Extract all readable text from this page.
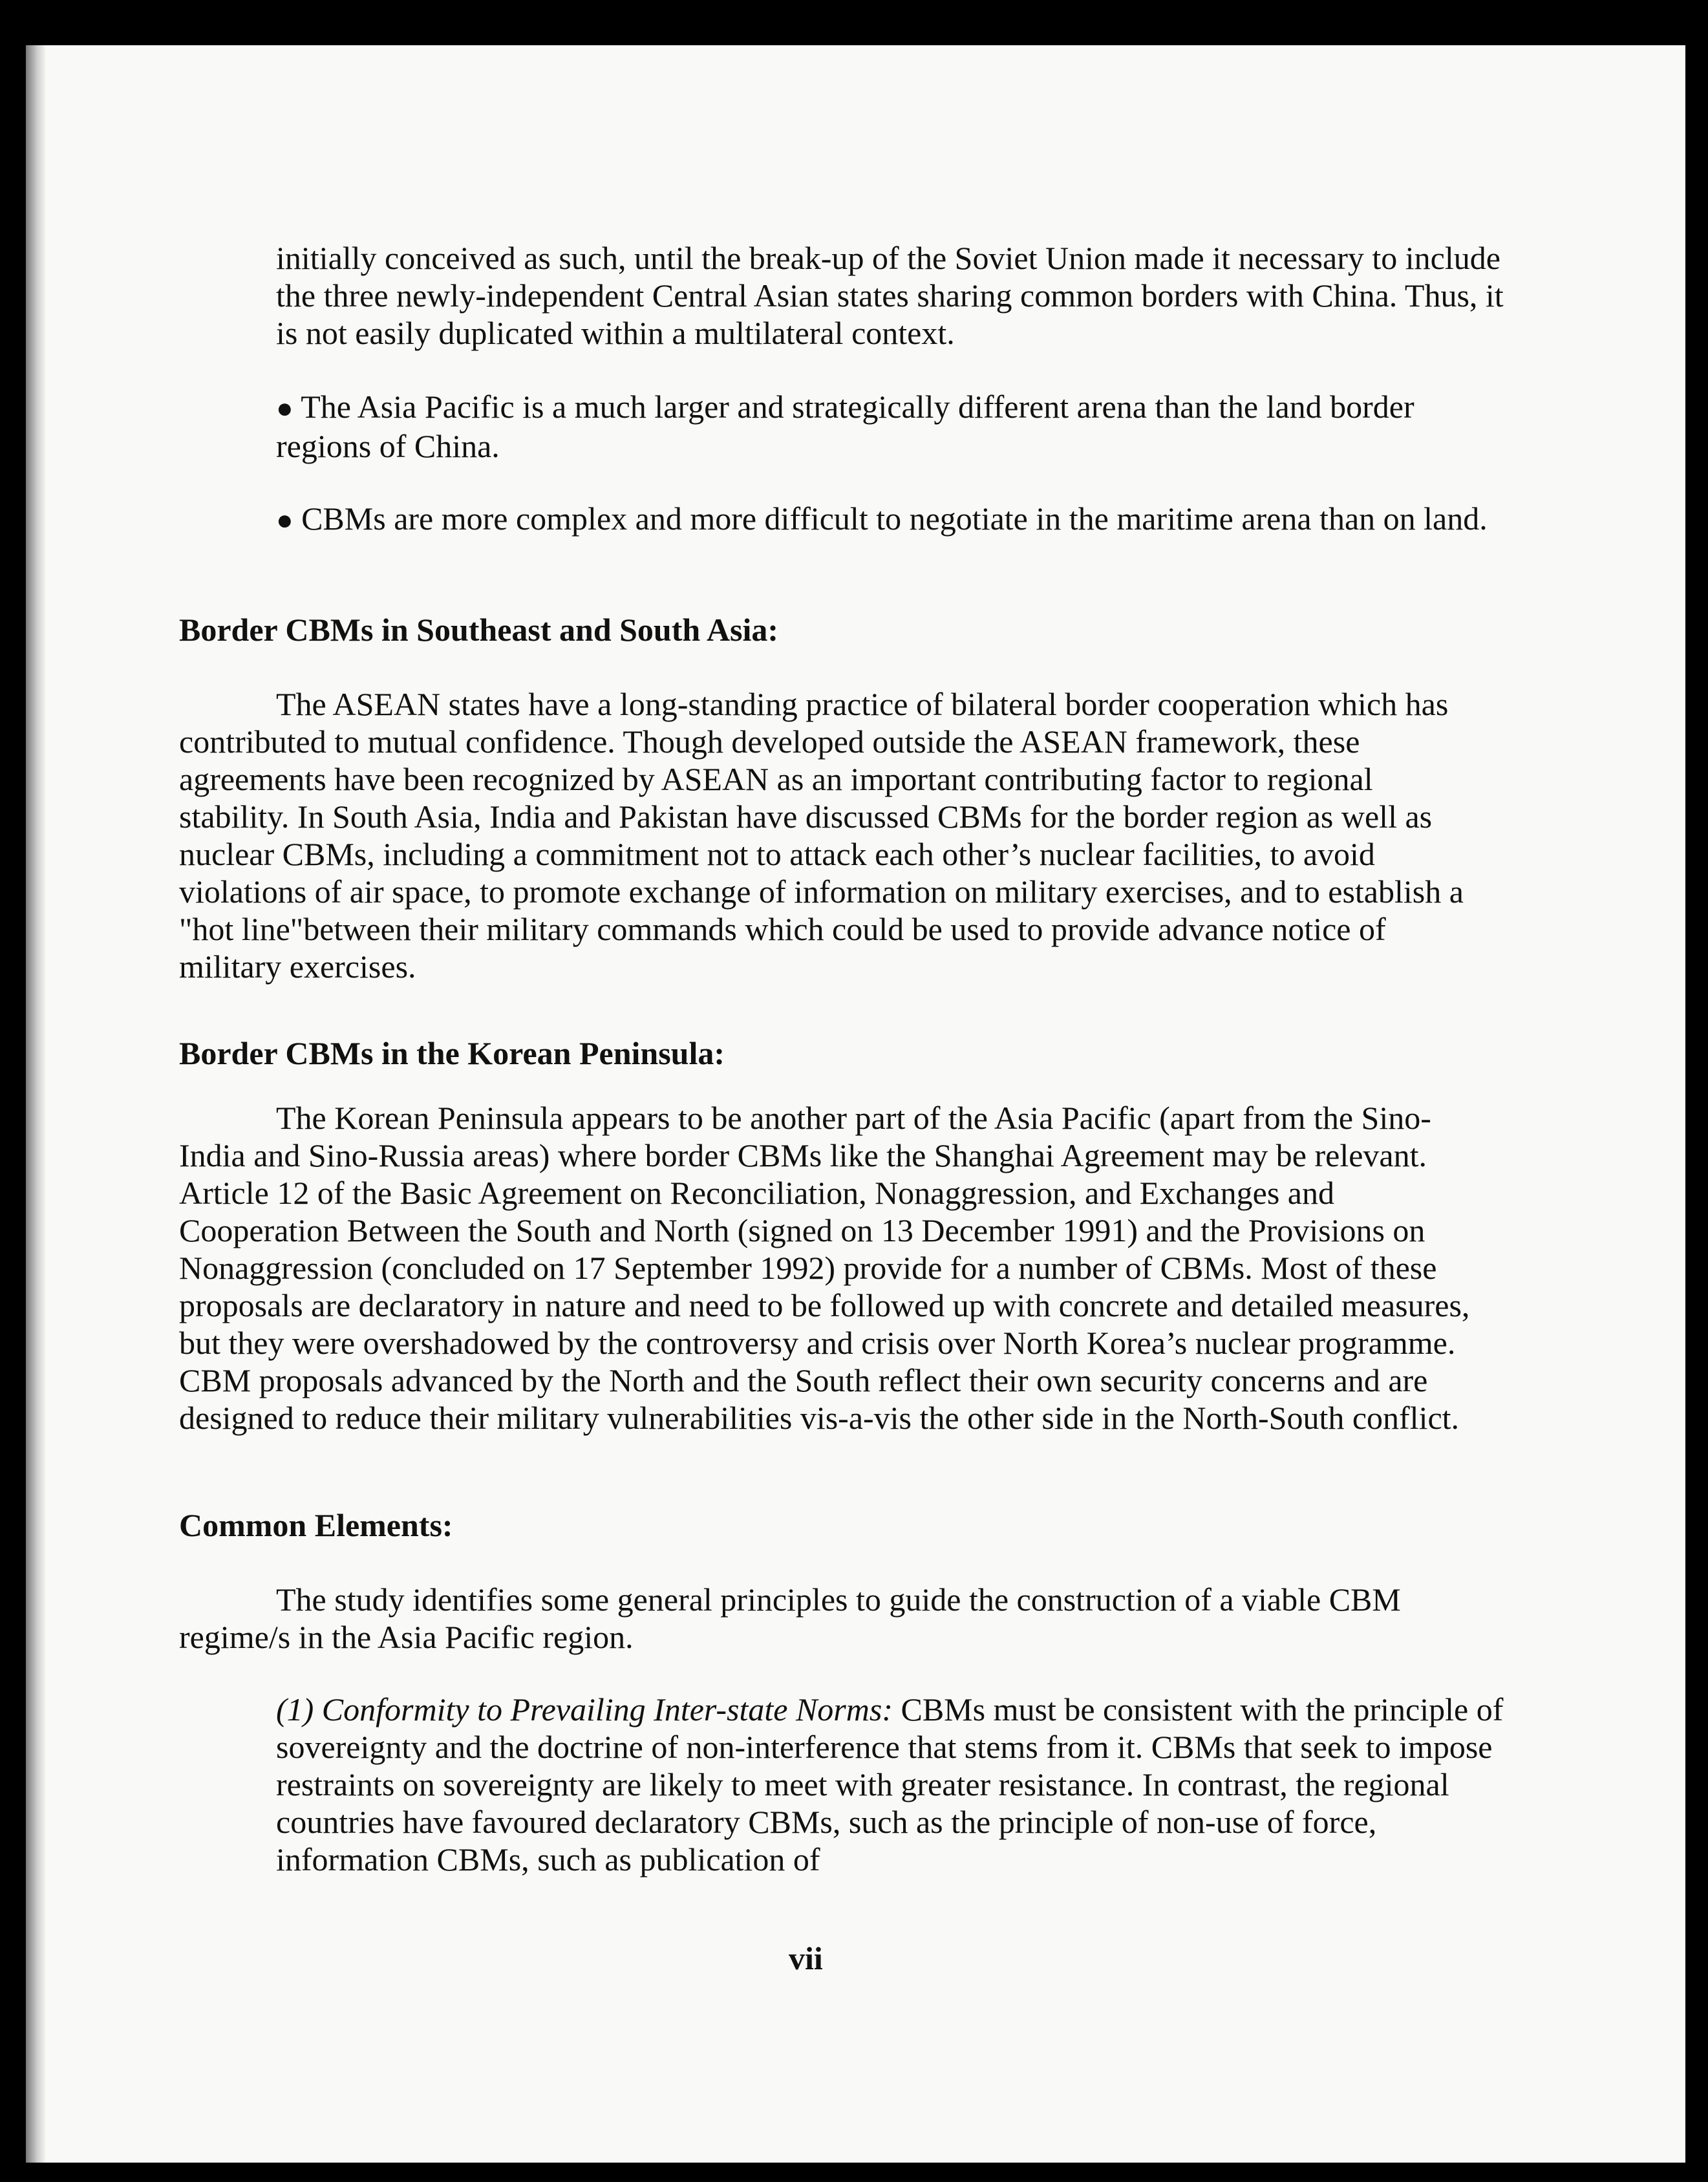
initially conceived as such, until the break-up of the Soviet Union made it necessary to include the three newly-independent Central Asian states sharing common borders with China. Thus, it is not easily duplicated within a multilateral context.

● The Asia Pacific is a much larger and strategically different arena than the land border regions of China.

● CBMs are more complex and more difficult to negotiate in the maritime arena than on land.

Border CBMs in Southeast and South Asia:

The ASEAN states have a long-standing practice of bilateral border cooperation which has contributed to mutual confidence. Though developed outside the ASEAN framework, these agreements have been recognized by ASEAN as an important contributing factor to regional stability. In South Asia, India and Pakistan have discussed CBMs for the border region as well as nuclear CBMs, including a commitment not to attack each other’s nuclear facilities, to avoid violations of air space, to promote exchange of information on military exercises, and to establish a "hot line"between their military commands which could be used to provide advance notice of military exercises.

Border CBMs in the Korean Peninsula:

The Korean Peninsula appears to be another part of the Asia Pacific (apart from the Sino-India and Sino-Russia areas) where border CBMs like the Shanghai Agreement may be relevant. Article 12 of the Basic Agreement on Reconciliation, Nonaggression, and Exchanges and Cooperation Between the South and North (signed on 13 December 1991) and the Provisions on Nonaggression (concluded on 17 September 1992) provide for a number of CBMs. Most of these proposals are declaratory in nature and need to be followed up with concrete and detailed measures, but they were overshadowed by the controversy and crisis over North Korea’s nuclear programme. CBM proposals advanced by the North and the South reflect their own security concerns and are designed to reduce their military vulnerabilities vis-a-vis the other side in the North-South conflict.

Common Elements:

The study identifies some general principles to guide the construction of a viable CBM regime/s in the Asia Pacific region.

(1) Conformity to Prevailing Inter-state Norms: CBMs must be consistent with the principle of sovereignty and the doctrine of non-interference that stems from it. CBMs that seek to impose restraints on sovereignty are likely to meet with greater resistance. In contrast, the regional countries have favoured declaratory CBMs, such as the principle of non-use of force, information CBMs, such as publication of

vii
